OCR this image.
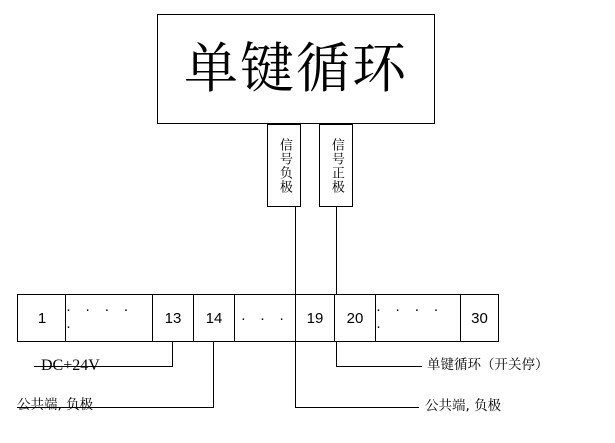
单键循环
信号负极	信号正极
1 · · · · ·	13 14 · · · 19 20 · · · · ·	30
DC+24V
公共端, 负极	公共端, 负极
单键循环（开关停）
